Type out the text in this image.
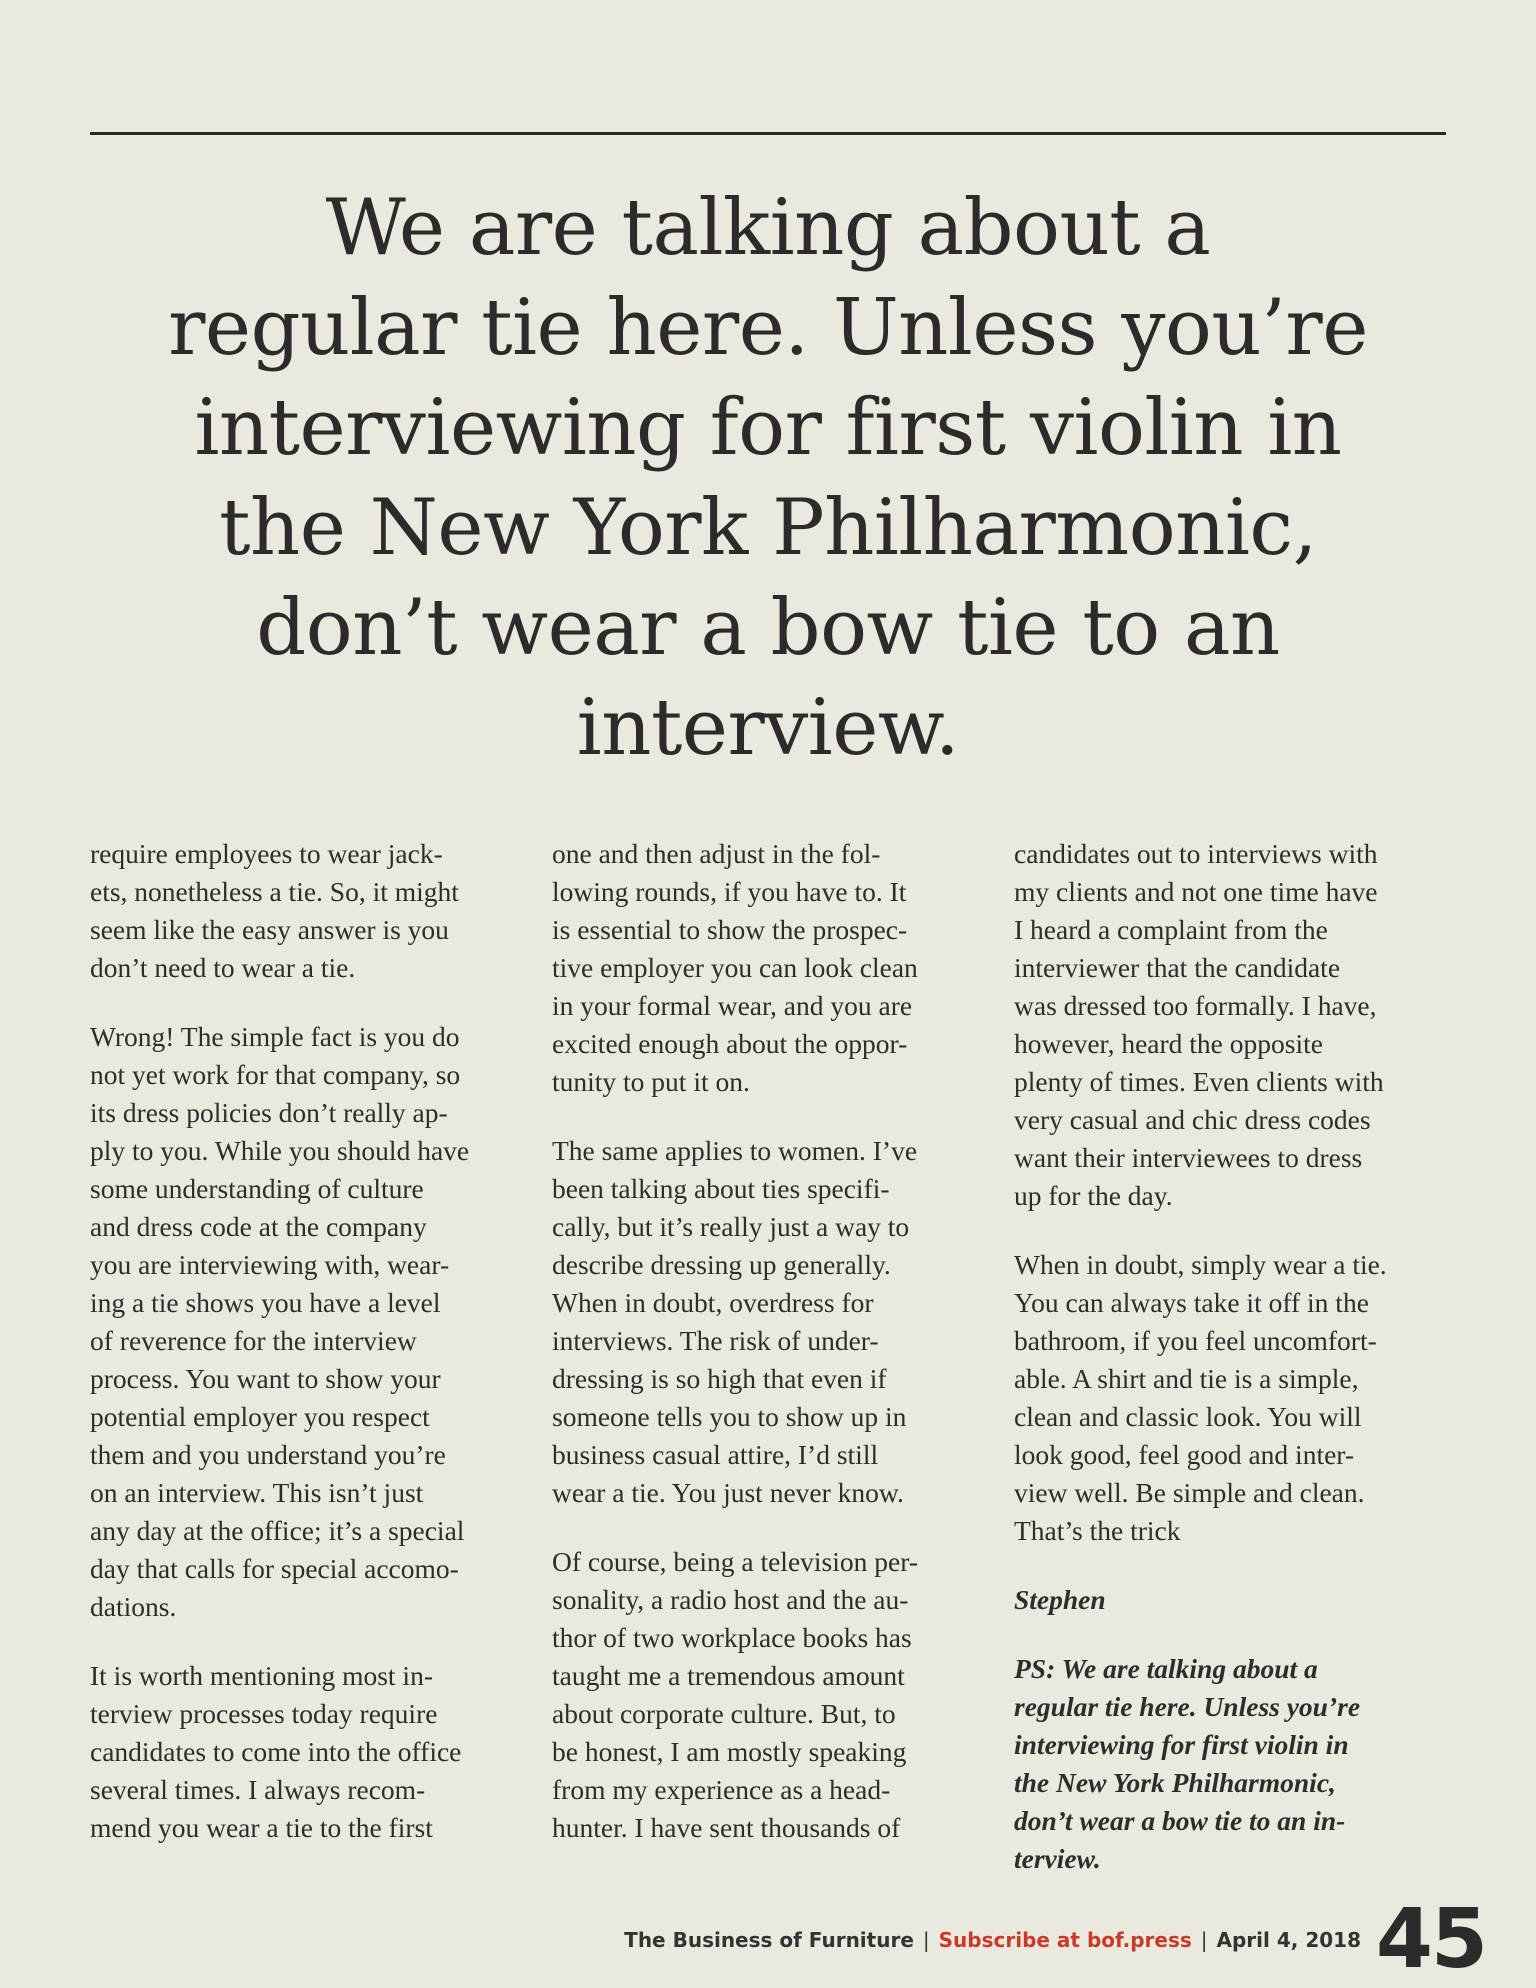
We are talking about a
regular tie here. Unless you’re
interviewing for first violin in
the New York Philharmonic,
don’t wear a bow tie to an
interview.

require employees to wear jack-
ets, nonetheless a tie. So, it might
seem like the easy answer is you
don’t need to wear a tie.

Wrong! The simple fact is you do
not yet work for that company, so
its dress policies don’t really ap-
ply to you. While you should have
some understanding of culture
and dress code at the company
you are interviewing with, wear-
ing a tie shows you have a level
of reverence for the interview
process. You want to show your
potential employer you respect
them and you understand you’re
on an interview. This isn’t just
any day at the office; it’s a special
day that calls for special accomo-
dations.

It is worth mentioning most in-
terview processes today require
candidates to come into the office
several times. I always recom-
mend you wear a tie to the first

one and then adjust in the fol-
lowing rounds, if you have to. It
is essential to show the prospec-
tive employer you can look clean
in your formal wear, and you are
excited enough about the oppor-
tunity to put it on.

The same applies to women. I’ve
been talking about ties specifi-
cally, but it’s really just a way to
describe dressing up generally.
When in doubt, overdress for
interviews. The risk of under-
dressing is so high that even if
someone tells you to show up in
business casual attire, I’d still
wear a tie. You just never know.

Of course, being a television per-
sonality, a radio host and the au-
thor of two workplace books has
taught me a tremendous amount
about corporate culture. But, to
be honest, I am mostly speaking
from my experience as a head-
hunter. I have sent thousands of

candidates out to interviews with
my clients and not one time have
I heard a complaint from the
interviewer that the candidate
was dressed too formally. I have,
however, heard the opposite
plenty of times. Even clients with
very casual and chic dress codes
want their interviewees to dress
up for the day.

When in doubt, simply wear a tie.
You can always take it off in the
bathroom, if you feel uncomfort-
able. A shirt and tie is a simple,
clean and classic look. You will
look good, feel good and inter-
view well. Be simple and clean.
That’s the trick

Stephen

PS: We are talking about a
regular tie here. Unless you’re
interviewing for first violin in
the New York Philharmonic,
don’t wear a bow tie to an in-
terview.

The Business of Furniture | Subscribe at bof.press | April 4, 2018 45
